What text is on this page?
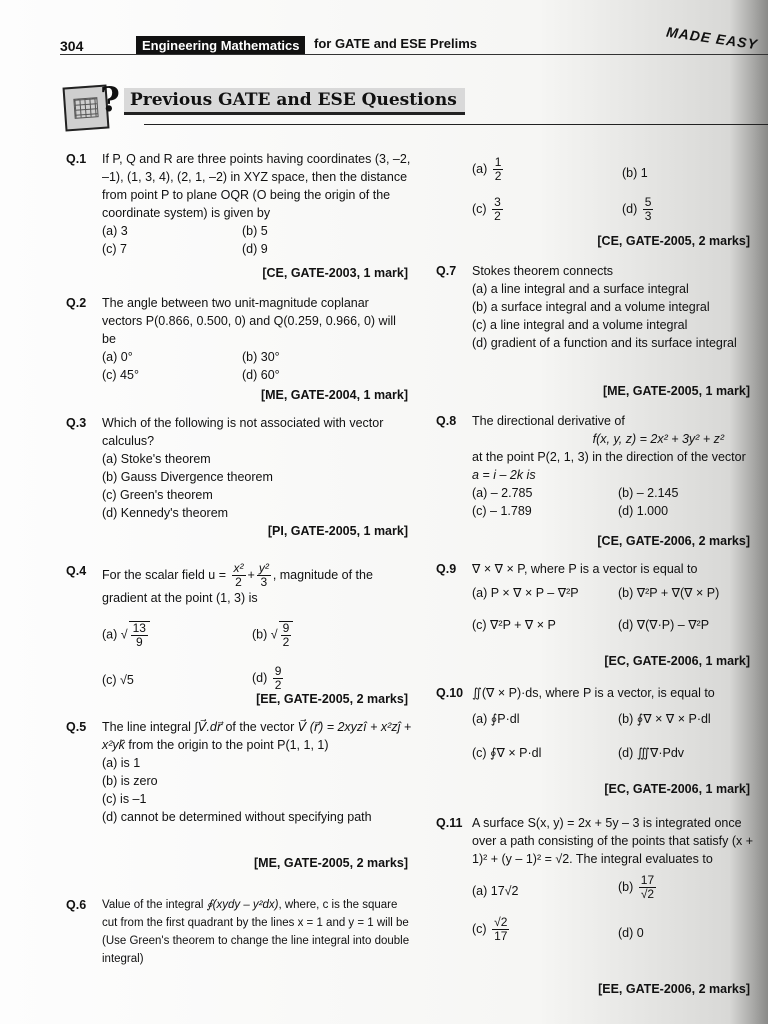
304	Engineering Mathematics	for GATE and ESE Prelims	MADE EASY
? Previous GATE and ESE Questions
Q.1 If P, Q and R are three points having coordinates (3, –2, –1), (1, 3, 4), (2, 1, –2) in XYZ space, then the distance from point P to plane OQR (O being the origin of the coordinate system) is given by

(a) 3	(b) 5
(c) 7	(d) 9
[CE, GATE-2003, 1 mark]
Q.2 The angle between two unit-magnitude coplanar vectors P(0.866, 0.500, 0) and Q(0.259, 0.966, 0) will be

(a) 0°	(b) 30°
(c) 45°	(d) 60°
[ME, GATE-2004, 1 mark]
Q.3 Which of the following is not associated with vector calculus?

(a) Stoke's theorem
(b) Gauss Divergence theorem
(c) Green's theorem
(d) Kennedy's theorem
[PI, GATE-2005, 1 mark]
Q.4 For the scalar field $u = \frac{\text{x²}}{2} + \frac{\text{y²}}{3}$ , magnitude of the gradient at the point (1, 3) is

(a) √ $\frac{13}{9}$	(b) √ $\frac{9}{2}$
(c) √5	$(d) \frac{9}{2}$
[EE, GATE-2005, 2 marks]
Q.5 The line integral ∫V⃗.dr⃗ of the vector V⃗ (r⃗) = 2xyzî + x²zĵ + x²yk̂ from the origin to the point P(1, 1, 1)

(a) is 1
(b) is zero
(c) is –1
(d) cannot be determined without specifying path
[ME, GATE-2005, 2 marks]
Q.6 Value of the integral ∮(xydy – y²dx), where, c is the square cut from the first quadrant by the lines x = 1 and y = 1 will be (Use Green's theorem to change the line integral into double integral)

$(a) \frac{1}{2}$	(b) 1
$(c) \frac{3}{2}$	$(d) \frac{5}{3}$
[CE, GATE-2005, 2 marks]
Q.7 Stokes theorem connects

(a) a line integral and a surface integral
(b) a surface integral and a volume integral
(c) a line integral and a volume integral
(d) gradient of a function and its surface integral
[ME, GATE-2005, 1 mark]
Q.8 The directional derivative of

f(x, y, z) = 2x² + 3y² + z²

at the point P(2, 1, 3) in the direction of the vector

a = i – 2k is

(a) – 2.785	(b) – 2.145
(c) – 1.789	(d) 1.000
[CE, GATE-2006, 2 marks]
Q.9 ∇ × ∇ × P, where P is a vector is equal to

(a) P × ∇ × P – ∇²P	(b) ∇²P + ∇(∇ × P)
(c) ∇²P + ∇ × P	(d) ∇(∇·P) – ∇²P
[EC, GATE-2006, 1 mark]
Q.10 ∬(∇ × P)·ds, where P is a vector, is equal to

(a) ∮P·dl	(b) ∮∇ × ∇ × P·dl
(c) ∮∇ × P·dl	(d) ∭∇·Pdv
[EC, GATE-2006, 1 mark]
Q.11 A surface S(x, y) = 2x + 5y – 3 is integrated once over a path consisting of the points that satisfy (x + 1)² + (y – 1)² = √2. The integral evaluates to

(a) 17√2	$(b) \frac{17}{√2}$
$(c) \frac{√2}{17}$	(d) 0
[EE, GATE-2006, 2 marks]
